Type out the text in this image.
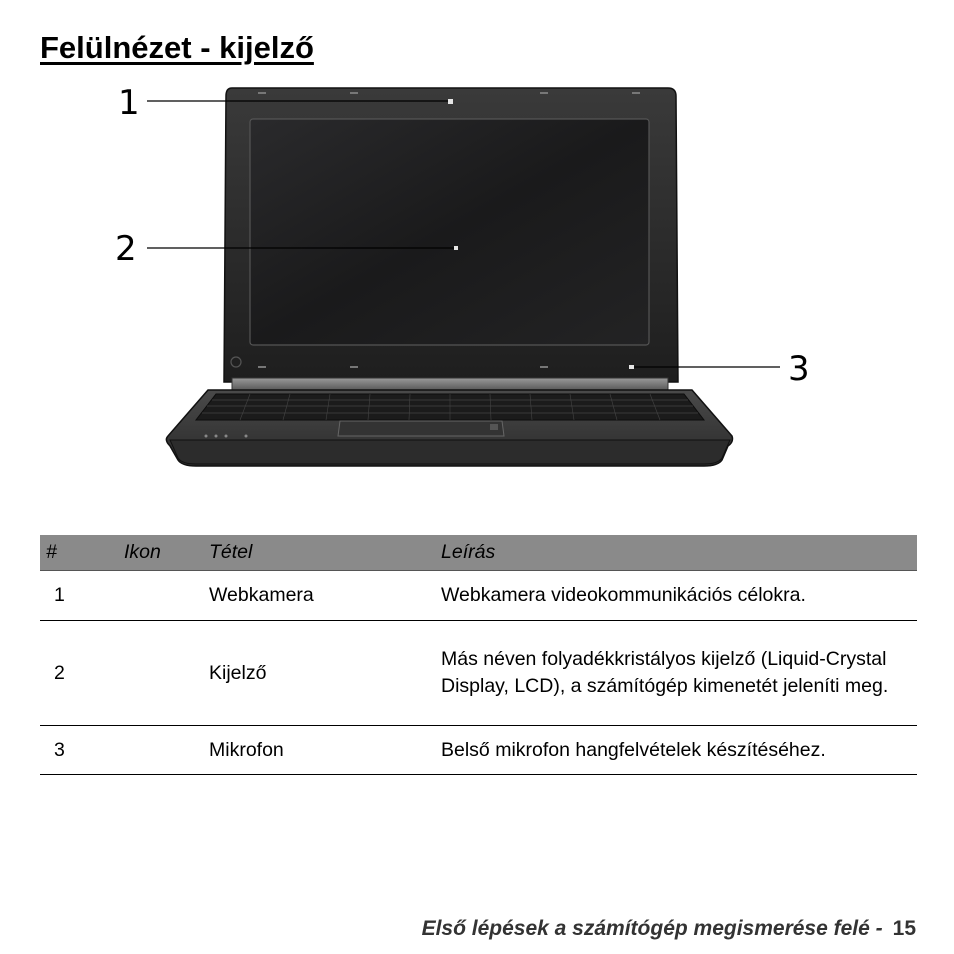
Felülnézet - kijelző
1
2
3
#	Ikon	Tétel	Leírás
1		Webkamera	Webkamera videokommunikációs célokra.
2		Kijelző	Más néven folyadékkristályos kijelző (Liquid-Crystal Display, LCD), a számítógép kimenetét jeleníti meg.
3		Mikrofon	Belső mikrofon hangfelvételek készítéséhez.
Első lépések a számítógép megismerése felé - 15
